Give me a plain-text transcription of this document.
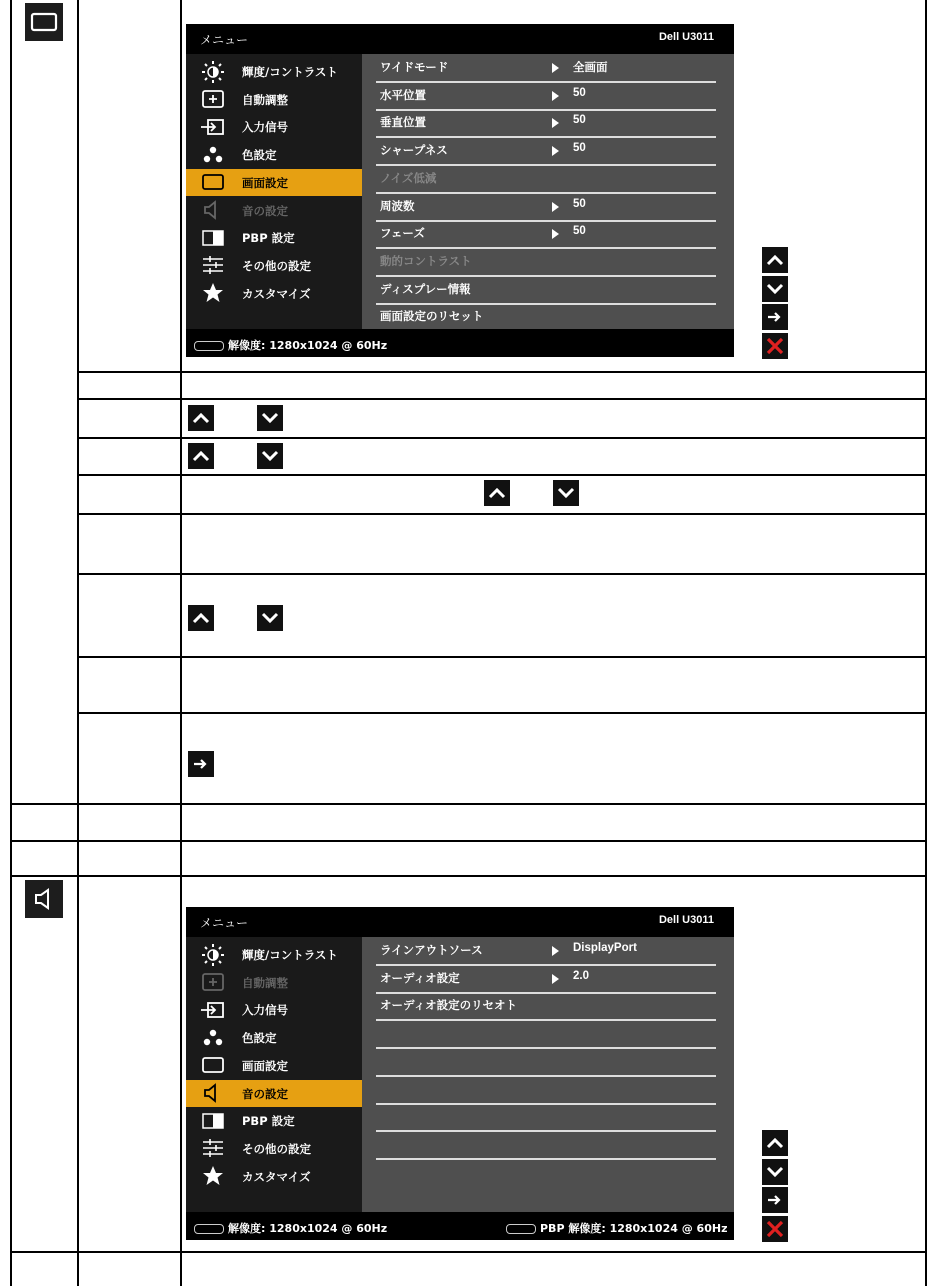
メニュー	Dell U3011
輝度/コントラスト
自動調整
入力信号
色設定
画面設定
音の設定
PBP 設定
その他の設定
カスタマイズ
ワイドモード	全画面
水平位置	50
垂直位置	50
シャープネス	50
ノイズ低減
周波数	50
フェーズ	50
動的コントラスト
ディスプレー情報
画面設定のリセット
解像度: 1280x1024 @ 60Hz
メニュー	Dell U3011
輝度/コントラスト
自動調整
入力信号
色設定
画面設定
音の設定
PBP 設定
その他の設定
カスタマイズ
ラインアウトソース	DisplayPort
オーディオ設定	2.0
オーディオ設定のリセオト
解像度: 1280x1024 @ 60Hz	PBP 解像度: 1280x1024 @ 60Hz
